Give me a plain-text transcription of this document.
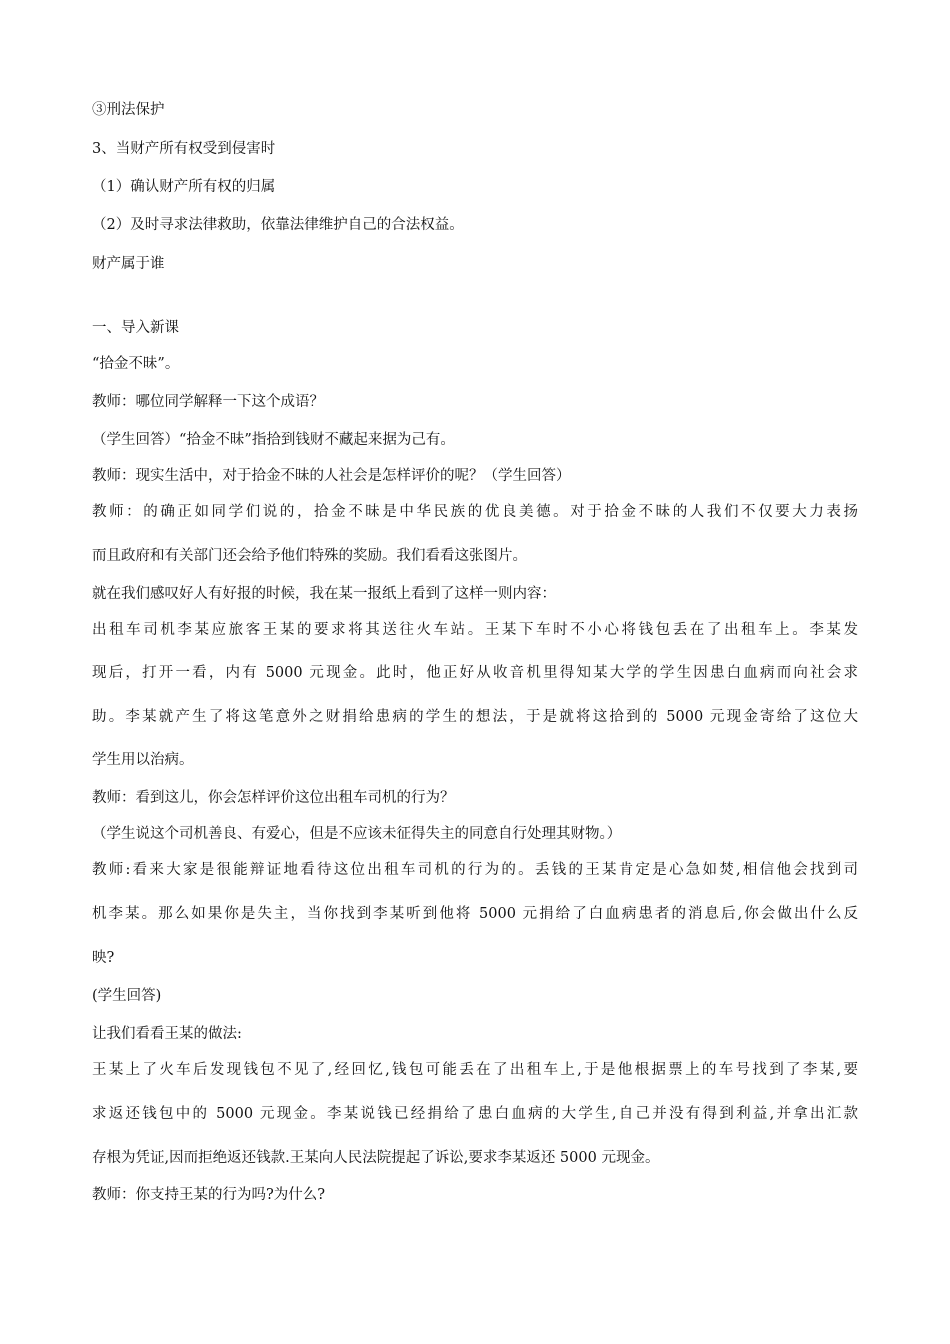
③刑法保护
3、当财产所有权受到侵害时
（1）确认财产所有权的归属
（2）及时寻求法律救助，依靠法律维护自己的合法权益。
财产属于谁
一、导入新课
“拾金不昧”。
教师：哪位同学解释一下这个成语？
（学生回答）“拾金不昧”指拾到钱财不藏起来据为己有。
教师：现实生活中，对于拾金不昧的人社会是怎样评价的呢？（学生回答）
教师：的确正如同学们说的，拾金不昧是中华民族的优良美德。对于拾金不昧的人我们不仅要大力表扬
而且政府和有关部门还会给予他们特殊的奖励。我们看看这张图片。
就在我们感叹好人有好报的时候，我在某一报纸上看到了这样一则内容：
出租车司机李某应旅客王某的要求将其送往火车站。王某下车时不小心将钱包丢在了出租车上。李某发
现后，打开一看，内有 5000 元现金。此时，他正好从收音机里得知某大学的学生因患白血病而向社会求
助。李某就产生了将这笔意外之财捐给患病的学生的想法，于是就将这拾到的 5000 元现金寄给了这位大
学生用以治病。
教师：看到这儿，你会怎样评价这位出租车司机的行为？
（学生说这个司机善良、有爱心，但是不应该未征得失主的同意自行处理其财物。）
教师:看来大家是很能辩证地看待这位出租车司机的行为的。丢钱的王某肯定是心急如焚,相信他会找到司
机李某。那么如果你是失主，当你找到李某听到他将 5000 元捐给了白血病患者的消息后,你会做出什么反
映?
(学生回答)
让我们看看王某的做法:
王某上了火车后发现钱包不见了,经回忆,钱包可能丢在了出租车上,于是他根据票上的车号找到了李某,要
求返还钱包中的 5000 元现金。李某说钱已经捐给了患白血病的大学生,自己并没有得到利益,并拿出汇款
存根为凭证,因而拒绝返还钱款.王某向人民法院提起了诉讼,要求李某返还 5000 元现金。
教师：你支持王某的行为吗?为什么?
